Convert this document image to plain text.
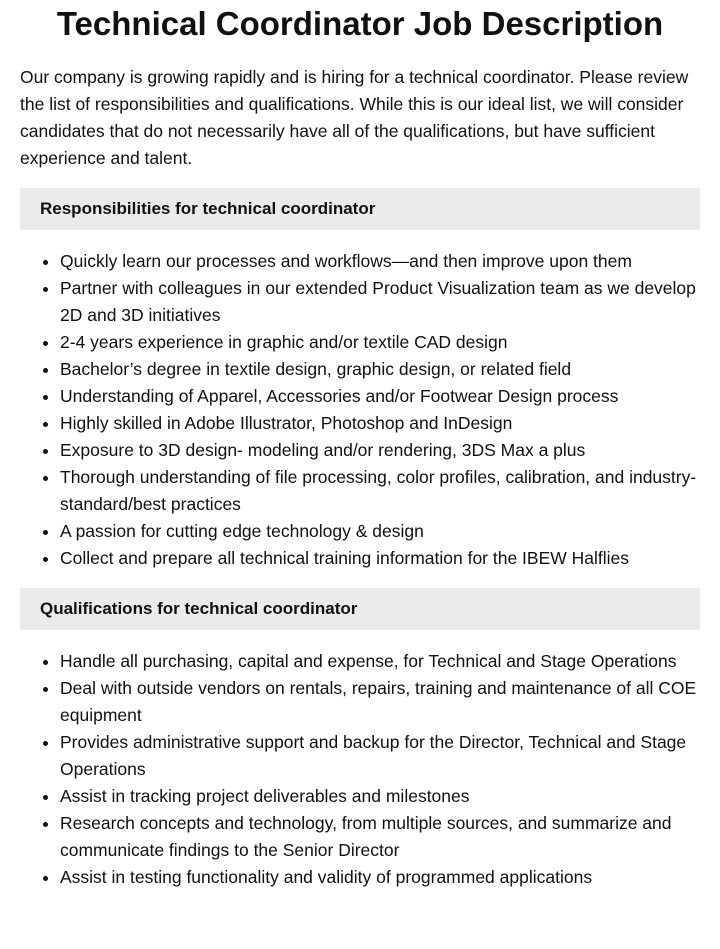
Technical Coordinator Job Description

Our company is growing rapidly and is hiring for a technical coordinator. Please review the list of responsibilities and qualifications. While this is our ideal list, we will consider candidates that do not necessarily have all of the qualifications, but have sufficient experience and talent.

Responsibilities for technical coordinator
• Quickly learn our processes and workflows—and then improve upon them
• Partner with colleagues in our extended Product Visualization team as we develop 2D and 3D initiatives
• 2-4 years experience in graphic and/or textile CAD design
• Bachelor’s degree in textile design, graphic design, or related field
• Understanding of Apparel, Accessories and/or Footwear Design process
• Highly skilled in Adobe Illustrator, Photoshop and InDesign
• Exposure to 3D design- modeling and/or rendering, 3DS Max a plus
• Thorough understanding of file processing, color profiles, calibration, and industry-standard/best practices
• A passion for cutting edge technology & design
• Collect and prepare all technical training information for the IBEW Halflies
Qualifications for technical coordinator
• Handle all purchasing, capital and expense, for Technical and Stage Operations
• Deal with outside vendors on rentals, repairs, training and maintenance of all COE equipment
• Provides administrative support and backup for the Director, Technical and Stage Operations
• Assist in tracking project deliverables and milestones
• Research concepts and technology, from multiple sources, and summarize and communicate findings to the Senior Director
• Assist in testing functionality and validity of programmed applications
